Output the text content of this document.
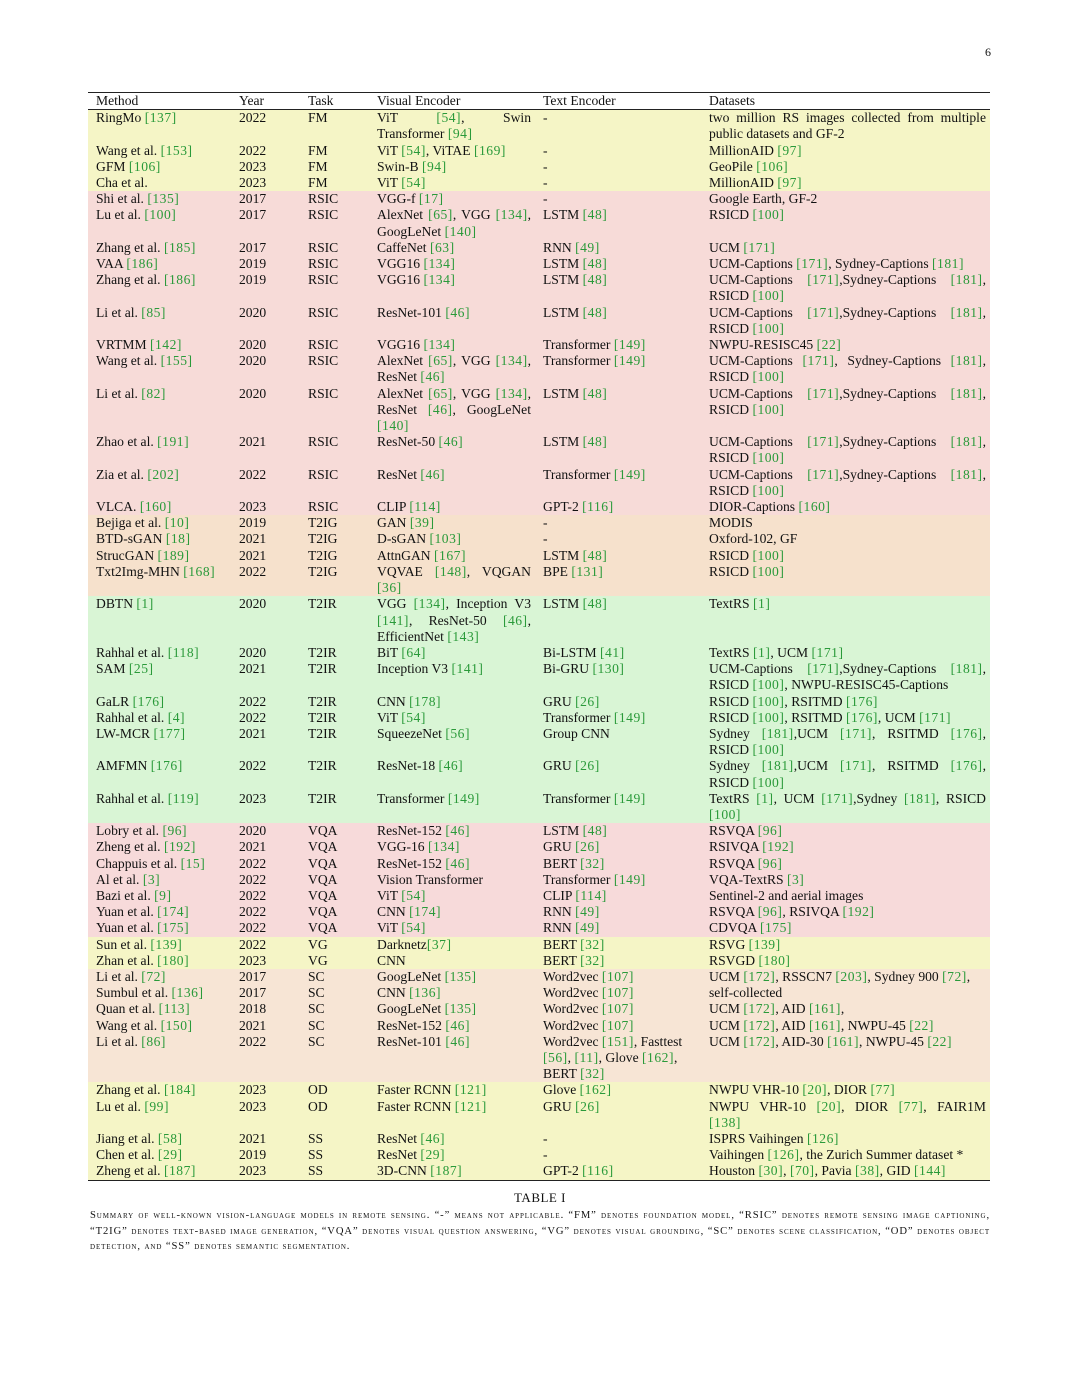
6
Method	Year	Task	Visual Encoder	Text Encoder	Datasets
RingMo [137]	2022	FM	ViT [54], Swin Transformer [94]	-	two million RS images collected from multiple public datasets and GF-2
Wang et al. [153]	2022	FM	ViT [54], ViTAE [169]	-	MillionAID [97]
GFM [106]	2023	FM	Swin-B [94]	-	GeoPile [106]
Cha et al.	2023	FM	ViT [54]	-	MillionAID [97]
Shi et al. [135]	2017	RSIC	VGG-f [17]	-	Google Earth, GF-2
Lu et al. [100]	2017	RSIC	AlexNet [65], VGG [134], GoogLeNet [140]	LSTM [48]	RSICD [100]
Zhang et al. [185]	2017	RSIC	CaffeNet [63]	RNN [49]	UCM [171]
VAA [186]	2019	RSIC	VGG16 [134]	LSTM [48]	UCM-Captions [171], Sydney-Captions [181]
Zhang et al. [186]	2019	RSIC	VGG16 [134]	LSTM [48]	UCM-Captions [171],Sydney-Captions [181], RSICD [100]
Li et al. [85]	2020	RSIC	ResNet-101 [46]	LSTM [48]	UCM-Captions [171],Sydney-Captions [181], RSICD [100]
VRTMM [142]	2020	RSIC	VGG16 [134]	Transformer [149]	NWPU-RESISC45 [22]
Wang et al. [155]	2020	RSIC	AlexNet [65], VGG [134], ResNet [46]	Transformer [149]	UCM-Captions [171], Sydney-Captions [181], RSICD [100]
Li et al. [82]	2020	RSIC	AlexNet [65], VGG [134], ResNet [46], GoogLeNet [140]	LSTM [48]	UCM-Captions [171],Sydney-Captions [181], RSICD [100]
Zhao et al. [191]	2021	RSIC	ResNet-50 [46]	LSTM [48]	UCM-Captions [171],Sydney-Captions [181], RSICD [100]
Zia et al. [202]	2022	RSIC	ResNet [46]	Transformer [149]	UCM-Captions [171],Sydney-Captions [181], RSICD [100]
VLCA. [160]	2023	RSIC	CLIP [114]	GPT-2 [116]	DIOR-Captions [160]
Bejiga et al. [10]	2019	T2IG	GAN [39]	-	MODIS
BTD-sGAN [18]	2021	T2IG	D-sGAN [103]	-	Oxford-102, GF
StrucGAN [189]	2021	T2IG	AttnGAN [167]	LSTM [48]	RSICD [100]
Txt2Img-MHN [168]	2022	T2IG	VQVAE [148], VQGAN [36]	BPE [131]	RSICD [100]
DBTN [1]	2020	T2IR	VGG [134], Inception V3 [141], ResNet-50 [46], EfficientNet [143]	LSTM [48]	TextRS [1]
Rahhal et al. [118]	2020	T2IR	BiT [64]	Bi-LSTM [41]	TextRS [1], UCM [171]
SAM [25]	2021	T2IR	Inception V3 [141]	Bi-GRU [130]	UCM-Captions [171],Sydney-Captions [181], RSICD [100], NWPU-RESISC45-Captions
GaLR [176]	2022	T2IR	CNN [178]	GRU [26]	RSICD [100], RSITMD [176]
Rahhal et al. [4]	2022	T2IR	ViT [54]	Transformer [149]	RSICD [100], RSITMD [176], UCM [171]
LW-MCR [177]	2021	T2IR	SqueezeNet [56]	Group CNN	Sydney [181],UCM [171], RSITMD [176], RSICD [100]
AMFMN [176]	2022	T2IR	ResNet-18 [46]	GRU [26]	Sydney [181],UCM [171], RSITMD [176], RSICD [100]
Rahhal et al. [119]	2023	T2IR	Transformer [149]	Transformer [149]	TextRS [1], UCM [171],Sydney [181], RSICD [100]
Lobry et al. [96]	2020	VQA	ResNet-152 [46]	LSTM [48]	RSVQA [96]
Zheng et al. [192]	2021	VQA	VGG-16 [134]	GRU [26]	RSIVQA [192]
Chappuis et al. [15]	2022	VQA	ResNet-152 [46]	BERT [32]	RSVQA [96]
Al et al. [3]	2022	VQA	Vision Transformer	Transformer [149]	VQA-TextRS [3]
Bazi et al. [9]	2022	VQA	ViT [54]	CLIP [114]	Sentinel-2 and aerial images
Yuan et al. [174]	2022	VQA	CNN [174]	RNN [49]	RSVQA [96], RSIVQA [192]
Yuan et al. [175]	2022	VQA	ViT [54]	RNN [49]	CDVQA [175]
Sun et al. [139]	2022	VG	Darknetz[37]	BERT [32]	RSVG [139]
Zhan et al. [180]	2023	VG	CNN	BERT [32]	RSVGD [180]
Li et al. [72]	2017	SC	GoogLeNet [135]	Word2vec [107]	UCM [172], RSSCN7 [203], Sydney 900 [72],
Sumbul et al. [136]	2017	SC	CNN [136]	Word2vec [107]	self-collected
Quan et al. [113]	2018	SC	GoogLeNet [135]	Word2vec [107]	UCM [172], AID [161],
Wang et al. [150]	2021	SC	ResNet-152 [46]	Word2vec [107]	UCM [172], AID [161], NWPU-45 [22]
Li et al. [86]	2022	SC	ResNet-101 [46]	Word2vec [151], Fasttest [56], [11], Glove [162], BERT [32]	UCM [172], AID-30 [161], NWPU-45 [22]
Zhang et al. [184]	2023	OD	Faster RCNN [121]	Glove [162]	NWPU VHR-10 [20], DIOR [77]
Lu et al. [99]	2023	OD	Faster RCNN [121]	GRU [26]	NWPU VHR-10 [20], DIOR [77], FAIR1M [138]
Jiang et al. [58]	2021	SS	ResNet [46]	-	ISPRS Vaihingen [126]
Chen et al. [29]	2019	SS	ResNet [29]	-	Vaihingen [126], the Zurich Summer dataset *
Zheng et al. [187]	2023	SS	3D-CNN [187]	GPT-2 [116]	Houston [30], [70], Pavia [38], GID [144]
TABLE I
Summary of well-known vision-language models in remote sensing. “-” means not applicable. “FM” denotes foundation model, “RSIC” denotes remote sensing image captioning, “T2IG” denotes text-based image generation, “VQA” denotes visual question answering, “VG” denotes visual grounding, “SC” denotes scene classification, “OD” denotes object detection, and “SS” denotes semantic segmentation.
